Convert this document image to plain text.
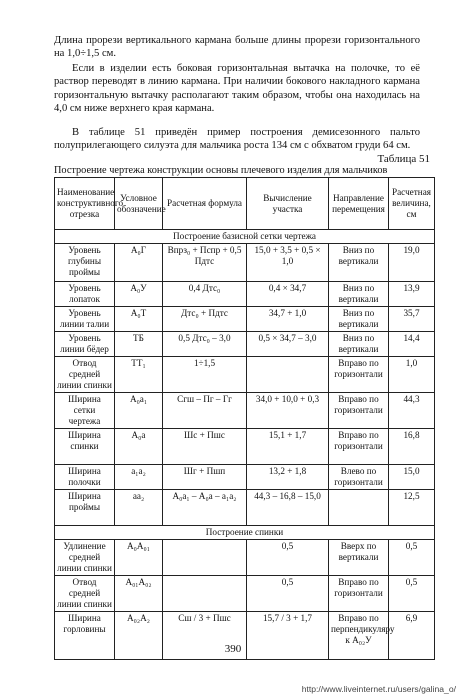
Длина прорези вертикального кармана больше длины прорези горизонтального на 1,0÷1,5 см.

Если в изделии есть боковая горизонтальная вытачка на полочке, то её раствор переводят в линию кармана. При наличии бокового накладного кармана горизонтальную вытачку располагают таким образом, чтобы она находилась на 4,0 см ниже верхнего края кармана.

В таблице 51 приведён пример построения демисезонного пальто полуприлегающего силуэта для мальчика роста 134 см с обхватом груди 64 см.

Таблица 51
Построение чертежа конструкции основы плечевого изделия для мальчиков
Наименование конструктивного отрезка	Условное обозначение	Расчетная формула	Вычисление участка	Направление перемещения	Расчетная величина, см
Построение базисной сетки чертежа					
Уровень глубины проймы	А₀Г	Впрз₀ + Пспр + 0,5 Пдтс	15,0 + 3,5 + 0,5 × 1,0	Вниз по вертикали	19,0
Уровень лопаток	А₀У	0,4 Дтс₀	0,4 × 34,7	Вниз по вертикали	13,9
Уровень линии талии	А₀Т	Дтс₀ + Пдтс	34,7 + 1,0	Вниз по вертикали	35,7
Уровень линии бёдер	ТБ	0,5 Дтс₀ – 3,0	0,5 × 34,7 – 3,0	Вниз по вертикали	14,4
Отвод средней линии спинки	ТТ₁	1÷1,5		Вправо по горизонтали	1,0
Ширина сетки чертежа	А₀а₁	Сгш – Пг – Гг	34,0 + 10,0 + 0,3	Вправо по горизонтали	44,3
Ширина спинки	А₀а	Шс + Пшс	15,1 + 1,7	Вправо по горизонтали	16,8
Ширина полочки	а₁а₂	Шг + Пшп	13,2 + 1,8	Влево по горизонтали	15,0
Ширина проймы	аа₂	А₀а₁ – А₀а – а₁а₂	44,3 – 16,8 – 15,0		12,5
Построение спинки					
Удлинение средней линии спинки	А₀А₀₁		0,5	Вверх по вертикали	0,5
Отвод средней линии спинки	А₀₁А₀₂		0,5	Вправо по горизонтали	0,5
Ширина горловины	А₀₂А₂	Сш / 3 + Пшс	15,7 / 3 + 1,7	Вправо по перпендикуляру к А₀₂У	6,9
390
http://www.liveinternet.ru/users/galina_o/
